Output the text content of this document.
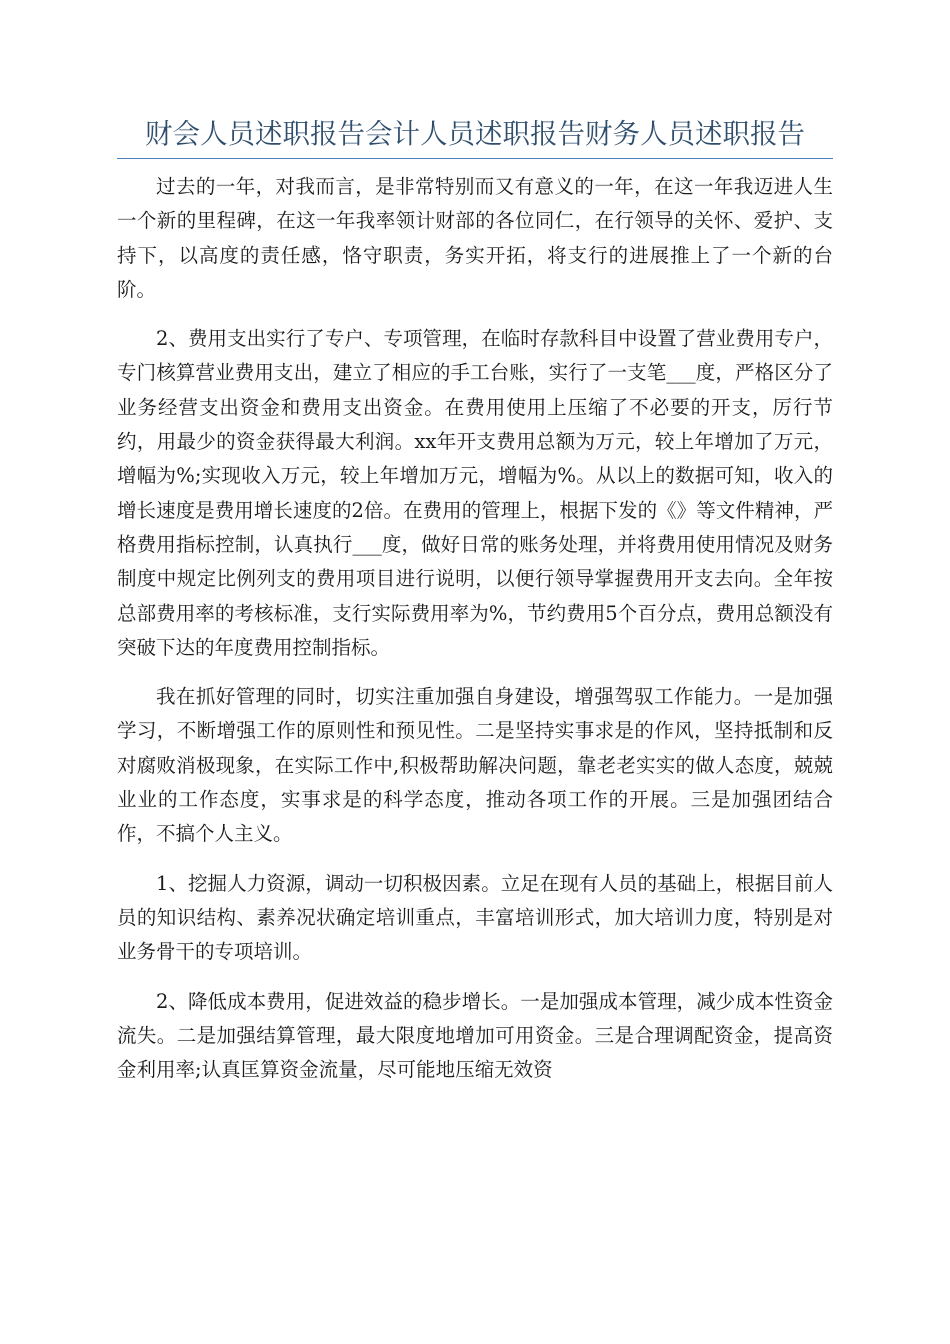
财会人员述职报告会计人员述职报告财务人员述职报告

过去的一年，对我而言，是非常特别而又有意义的一年，在这一年我迈进人生一个新的里程碑，在这一年我率领计财部的各位同仁，在行领导的关怀、爱护、支持下，以高度的责任感，恪守职责，务实开拓，将支行的进展推上了一个新的台阶。

2、费用支出实行了专户、专项管理，在临时存款科目中设置了营业费用专户，专门核算营业费用支出，建立了相应的手工台账，实行了一支笔___度，严格区分了业务经营支出资金和费用支出资金。在费用使用上压缩了不必要的开支，厉行节约，用最少的资金获得最大利润。xx年开支费用总额为万元，较上年增加了万元，增幅为%;实现收入万元，较上年增加万元，增幅为%。从以上的数据可知，收入的增长速度是费用增长速度的2倍。在费用的管理上，根据下发的《》等文件精神，严格费用指标控制，认真执行___度，做好日常的账务处理，并将费用使用情况及财务制度中规定比例列支的费用项目进行说明，以便行领导掌握费用开支去向。全年按总部费用率的考核标准，支行实际费用率为%，节约费用5个百分点，费用总额没有突破下达的年度费用控制指标。

我在抓好管理的同时，切实注重加强自身建设，增强驾驭工作能力。一是加强学习，不断增强工作的原则性和预见性。二是坚持实事求是的作风，坚持抵制和反对腐败消极现象，在实际工作中,积极帮助解决问题，靠老老实实的做人态度，兢兢业业的工作态度，实事求是的科学态度，推动各项工作的开展。三是加强团结合作，不搞个人主义。

1、挖掘人力资源，调动一切积极因素。立足在现有人员的基础上，根据目前人员的知识结构、素养况状确定培训重点，丰富培训形式，加大培训力度，特别是对业务骨干的专项培训。

2、降低成本费用，促进效益的稳步增长。一是加强成本管理，减少成本性资金流失。二是加强结算管理，最大限度地增加可用资金。三是合理调配资金，提高资金利用率;认真匡算资金流量，尽可能地压缩无效资
